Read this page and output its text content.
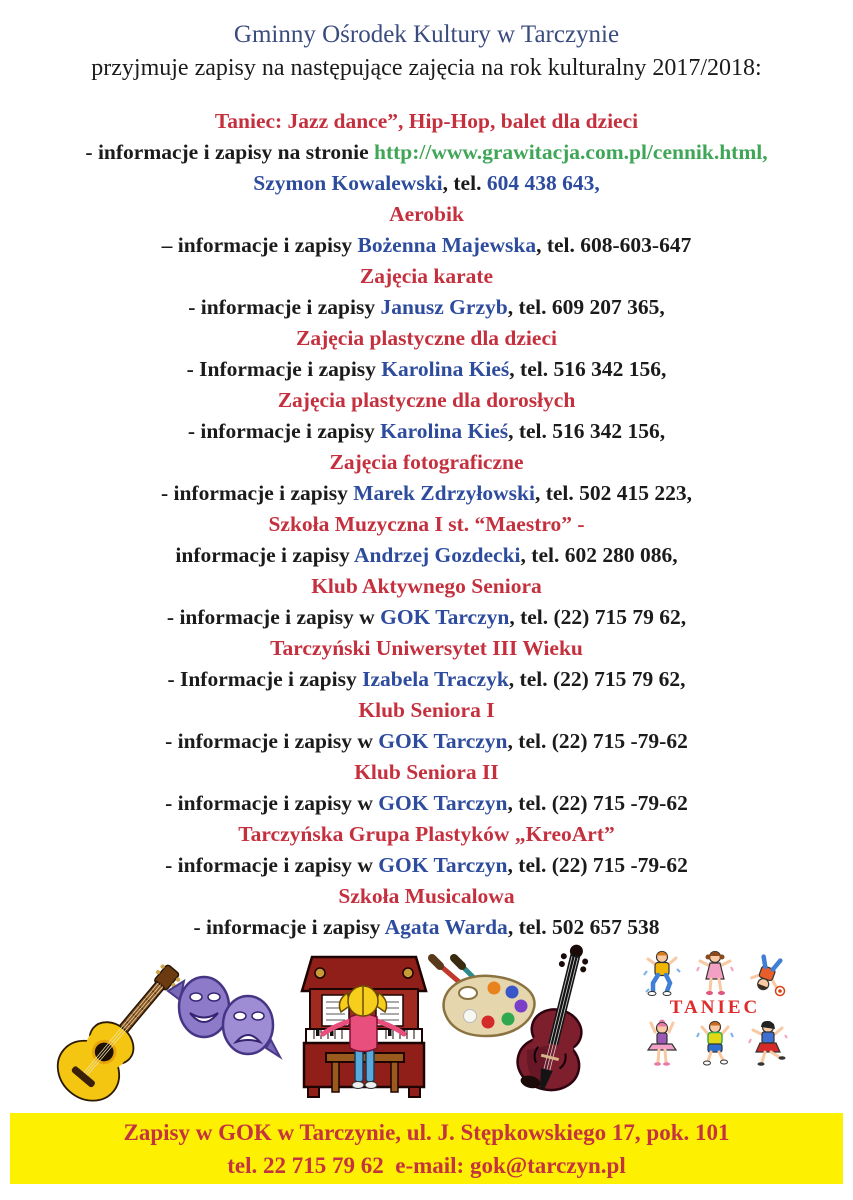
Gminny Ośrodek Kultury w Tarczynie
przyjmuje zapisy na następujące zajęcia na rok kulturalny 2017/2018:
Taniec: Jazz dance”, Hip-Hop, balet dla dzieci
- informacje i zapisy na stronie http://www.grawitacja.com.pl/cennik.html,
Szymon Kowalewski, tel. 604 438 643,
Aerobik
– informacje i zapisy Bożenna Majewska, tel. 608-603-647
Zajęcia karate
- informacje i zapisy Janusz Grzyb, tel. 609 207 365,
Zajęcia plastyczne dla dzieci
- Informacje i zapisy Karolina Kieś, tel. 516 342 156,
Zajęcia plastyczne dla dorosłych
- informacje i zapisy Karolina Kieś, tel. 516 342 156,
Zajęcia fotograficzne
- informacje i zapisy Marek Zdrzyłowski, tel. 502 415 223,
Szkoła Muzyczna I st. “Maestro” -
informacje i zapisy Andrzej Gozdecki, tel. 602 280 086,
Klub Aktywnego Seniora
- informacje i zapisy w GOK Tarczyn, tel. (22) 715 79 62,
Tarczyński Uniwersytet III Wieku
- Informacje i zapisy Izabela Traczyk, tel. (22) 715 79 62,
Klub Seniora I
- informacje i zapisy w GOK Tarczyn, tel. (22) 715 -79-62
Klub Seniora II
- informacje i zapisy w GOK Tarczyn, tel. (22) 715 -79-62
Tarczyńska Grupa Plastyków „KreoArt”
- informacje i zapisy w GOK Tarczyn, tel. (22) 715 -79-62
Szkoła Musicalowa
- informacje i zapisy Agata Warda, tel. 502 657 538
TANIEC
Zapisy w GOK w Tarczynie, ul. J. Stępkowskiego 17, pok. 101
tel. 22 715 79 62  e-mail: gok@tarczyn.pl
